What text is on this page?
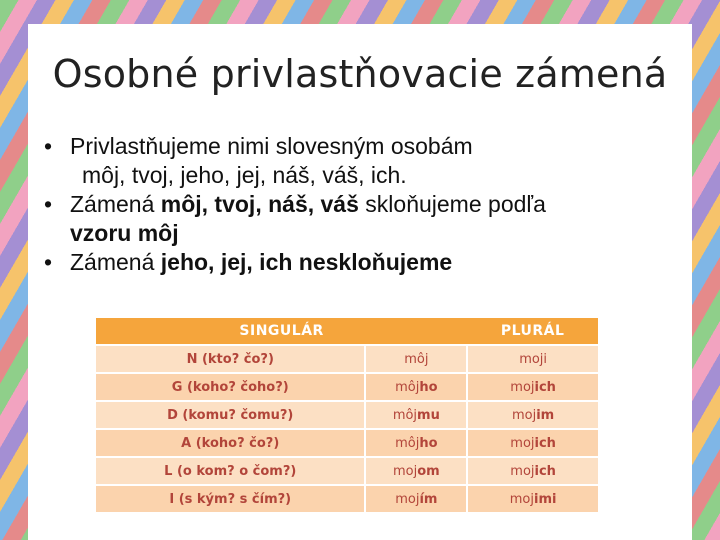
Osobné privlastňovacie zámená
• Privlastňujeme nimi slovesným osobám
môj, tvoj, jeho, jej, náš, váš, ich.
• Zámená môj, tvoj, náš, váš skloňujeme podľa
vzoru môj
• Zámená jeho, jej, ich neskloňujeme
SINGULÁR		PLURÁL
N (kto? čo?)	môj	moji
G (koho? čoho?)	môjho	mojich
D (komu? čomu?)	môjmu	mojim
A (koho? čo?)	môjho	mojich
L (o kom? o čom?)	mojom	mojich
I (s kým? s čím?)	mojím	mojimi
